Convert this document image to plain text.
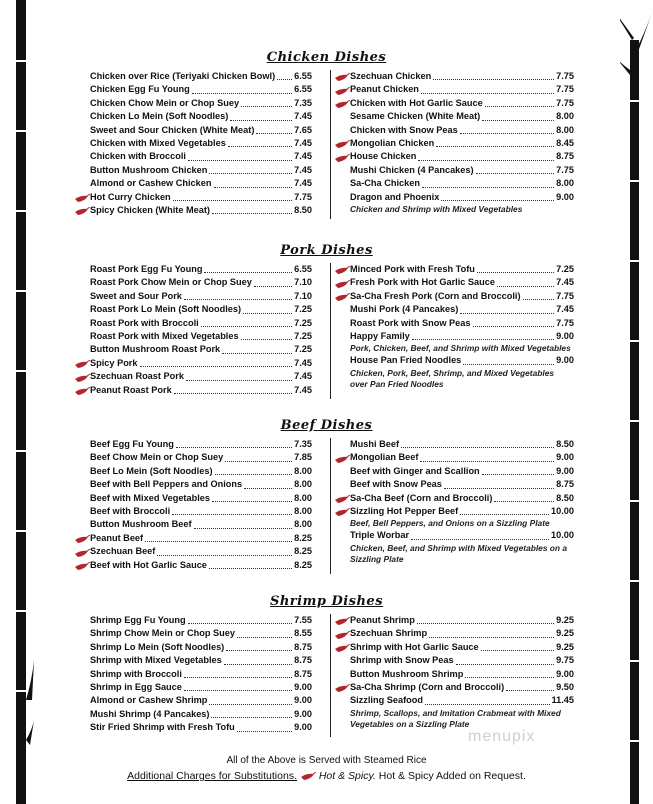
Chicken Dishes
Chicken over Rice (Teriyaki Chicken Bowl) 6.55
Chicken Egg Fu Young	6.55
Chicken Chow Mein or Chop Suey	7.35
Chicken Lo Mein (Soft Noodles)	7.45
Sweet and Sour Chicken (White Meat)	7.65
Chicken with Mixed Vegetables	7.45
Chicken with Broccoli	7.45
Button Mushroom Chicken	7.45
Almond or Cashew Chicken	7.45
Hot Curry Chicken	7.75
Spicy Chicken (White Meat)	8.50
Szechuan Chicken	7.75
Peanut Chicken	7.75
Chicken with Hot Garlic Sauce	7.75
Sesame Chicken (White Meat)	8.00
Chicken with Snow Peas	8.00
Mongolian Chicken	8.45
House Chicken	8.75
Mushi Chicken (4 Pancakes)	7.75
Sa-Cha Chicken	8.00
Dragon and Phoenix	9.00
Chicken and Shrimp with Mixed Vegetables
Pork Dishes
Roast Pork Egg Fu Young	6.55
Roast Pork Chow Mein or Chop Suey	7.10
Sweet and Sour Pork	7.10
Roast Pork Lo Mein (Soft Noodles)	7.25
Roast Pork with Broccoli	7.25
Roast Pork with Mixed Vegetables	7.25
Button Mushroom Roast Pork	7.25
Spicy Pork	7.45
Szechuan Roast Pork	7.45
Peanut Roast Pork	7.45
Minced Pork with Fresh Tofu	7.25
Fresh Pork with Hot Garlic Sauce	7.45
Sa-Cha Fresh Pork (Corn and Broccoli)	7.75
Mushi Pork (4 Pancakes)	7.45
Roast Pork with Snow Peas	7.75
Happy Family	9.00
Pork, Chicken, Beef, and Shrimp with Mixed Vegetables
House Pan Fried Noodles	9.00
Chicken, Pork, Beef, Shrimp, and Mixed Vegetables over Pan Fried Noodles
Beef Dishes
Beef Egg Fu Young	7.35
Beef Chow Mein or Chop Suey	7.85
Beef Lo Mein (Soft Noodles)	8.00
Beef with Bell Peppers and Onions	8.00
Beef with Mixed Vegetables	8.00
Beef with Broccoli	8.00
Button Mushroom Beef	8.00
Peanut Beef	8.25
Szechuan Beef	8.25
Beef with Hot Garlic Sauce	8.25
Mushi Beef	8.50
Mongolian Beef	9.00
Beef with Ginger and Scallion	9.00
Beef with Snow Peas	8.75
Sa-Cha Beef (Corn and Broccoli)	8.50
Sizzling Hot Pepper Beef	10.00
Beef, Bell Peppers, and Onions on a Sizzling Plate
Triple Worbar	10.00
Chicken, Beef, and Shrimp with Mixed Vegetables on a Sizzling Plate
Shrimp Dishes
Shrimp Egg Fu Young	7.55
Shrimp Chow Mein or Chop Suey	8.55
Shrimp Lo Mein (Soft Noodles)	8.75
Shrimp with Mixed Vegetables	8.75
Shrimp with Broccoli	8.75
Shrimp in Egg Sauce	9.00
Almond or Cashew Shrimp	9.00
Mushi Shrimp (4 Pancakes)	9.00
Stir Fried Shrimp with Fresh Tofu	9.00
Peanut Shrimp	9.25
Szechuan Shrimp	9.25
Shrimp with Hot Garlic Sauce	9.25
Shrimp with Snow Peas	9.75
Button Mushroom Shrimp	9.00
Sa-Cha Shrimp (Corn and Broccoli)	9.50
Sizzling Seafood	11.45
Shrimp, Scallops, and Imitation Crabmeat with Mixed Vegetables on a Sizzling Plate
menupix
All of the Above is Served with Steamed Rice
Additional Charges for Substitutions. Hot & Spicy. Hot & Spicy Added on Request.
